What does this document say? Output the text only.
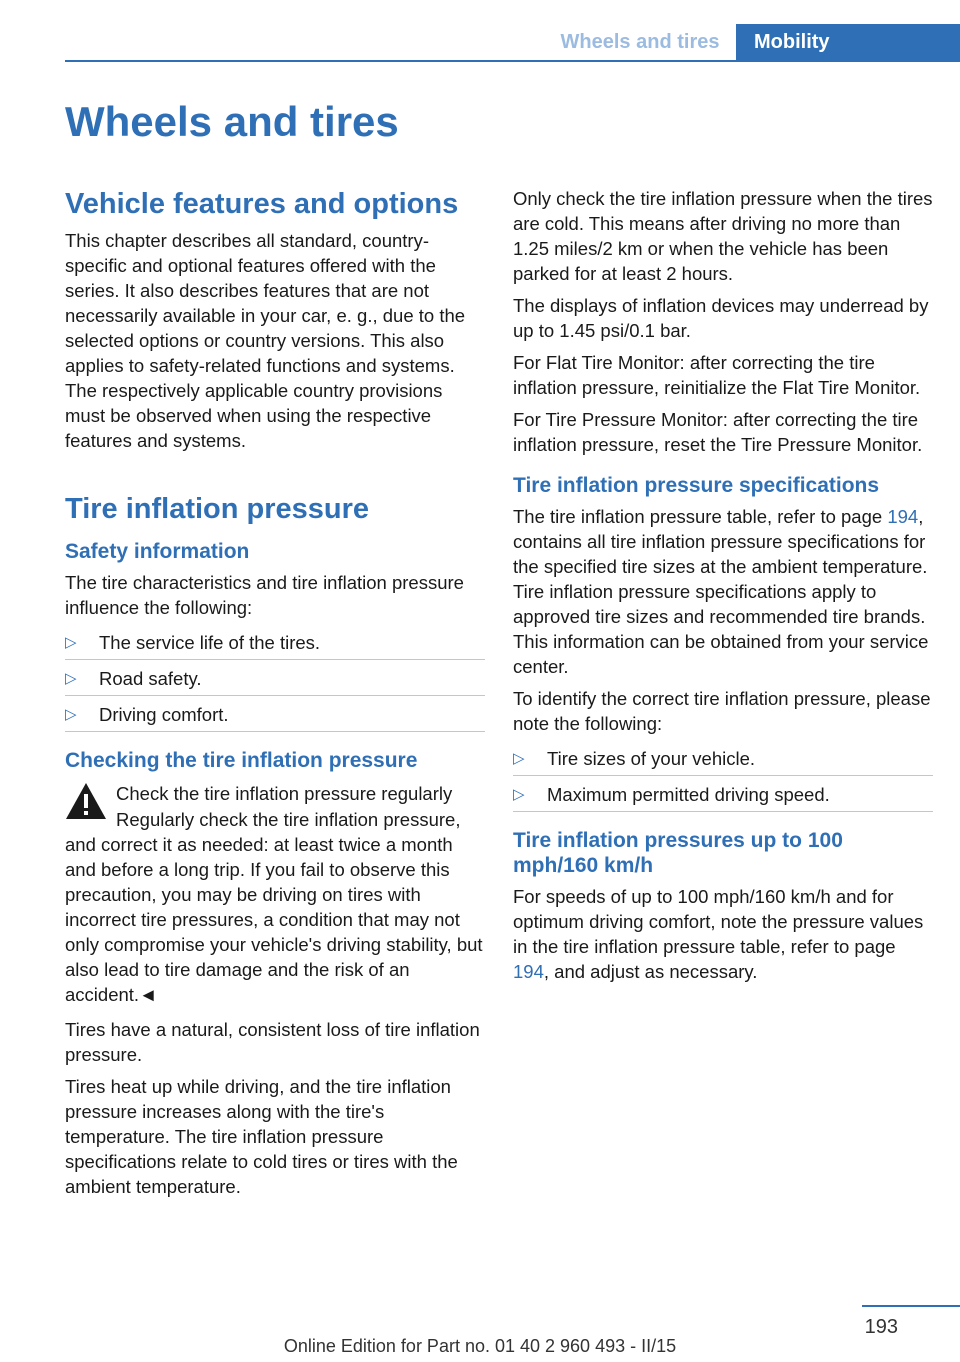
Wheels and tires	Mobility
Wheels and tires
Vehicle features and options

This chapter describes all standard, country-specific and optional features offered with the series. It also describes features that are not necessarily available in your car, e. g., due to the selected options or country versions. This also applies to safety-related functions and systems. The respectively applicable country provisions must be observed when using the respective features and systems.

Tire inflation pressure
Safety information

The tire characteristics and tire inflation pressure influence the following:

▷ The service life of the tires.
▷ Road safety.
▷ Driving comfort.
Checking the tire inflation pressure
Check the tire inflation pressure regularly

Regularly check the tire inflation pressure, and correct it as needed: at least twice a month and before a long trip. If you fail to observe this precaution, you may be driving on tires with incorrect tire pressures, a condition that may not only compromise your vehicle's driving stability, but also lead to tire damage and the risk of an accident.◄

Tires have a natural, consistent loss of tire inflation pressure.

Tires heat up while driving, and the tire inflation pressure increases along with the tire's temperature. The tire inflation pressure specifications relate to cold tires or tires with the ambient temperature.

Only check the tire inflation pressure when the tires are cold. This means after driving no more than 1.25 miles/2 km or when the vehicle has been parked for at least 2 hours.

The displays of inflation devices may underread by up to 1.45 psi/0.1 bar.

For Flat Tire Monitor: after correcting the tire inflation pressure, reinitialize the Flat Tire Monitor.

For Tire Pressure Monitor: after correcting the tire inflation pressure, reset the Tire Pressure Monitor.

Tire inflation pressure specifications

The tire inflation pressure table, refer to page 194, contains all tire inflation pressure specifications for the specified tire sizes at the ambient temperature. Tire inflation pressure specifications apply to approved tire sizes and recommended tire brands. This information can be obtained from your service center.

To identify the correct tire inflation pressure, please note the following:

▷ Tire sizes of your vehicle.
▷ Maximum permitted driving speed.
Tire inflation pressures up to 100 mph/160 km/h

For speeds of up to 100 mph/160 km/h and for optimum driving comfort, note the pressure values in the tire inflation pressure table, refer to page 194, and adjust as necessary.

193
Online Edition for Part no. 01 40 2 960 493 - II/15
